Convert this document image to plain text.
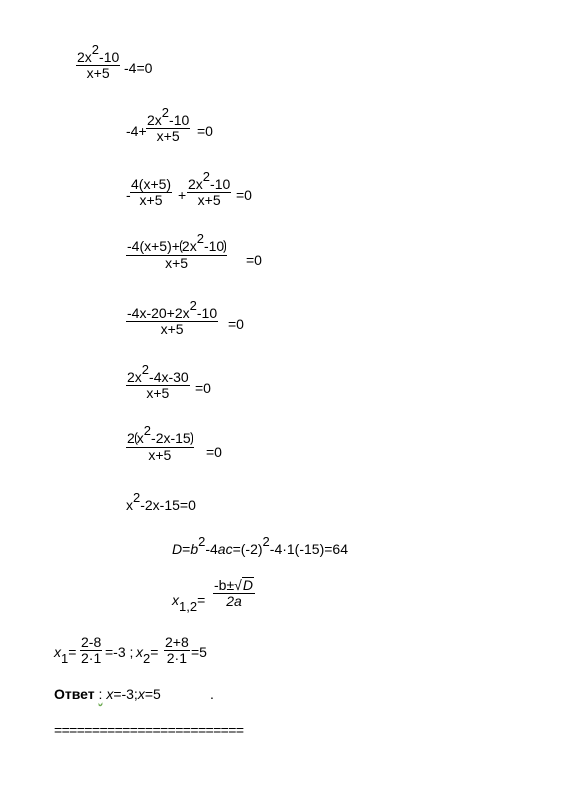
$\frac{2x^2-10}{x+5} -4=0$
$-4+ \frac{2x^2-10}{x+5} =0$
- $\frac{4(x+5)}{x+5} + \frac{2x^2-10}{x+5} =0$
$\frac{-4(x+5)+ 2x^2-10}{x+5} =0$
$\frac{-4x-20+2x^2-10}{x+5} =0$
$\frac{2x^2-4x-30}{x+5} =0$
$\frac{2 x^2-2x-15}{x+5} =0$
$x^2-2x-15=0$
$D=b^2-4ac=(-2)^2-4\cdot 1(-15)=64$
$x_{1,2}= \frac{-b\pm√D}{2a}$
$x_1= \frac{2-8}{2\cdot 1} =-3$ ; $x_2= \frac{2+8}{2\cdot 1} =5$
Ответ : x=-3;x=5	.
=========================
